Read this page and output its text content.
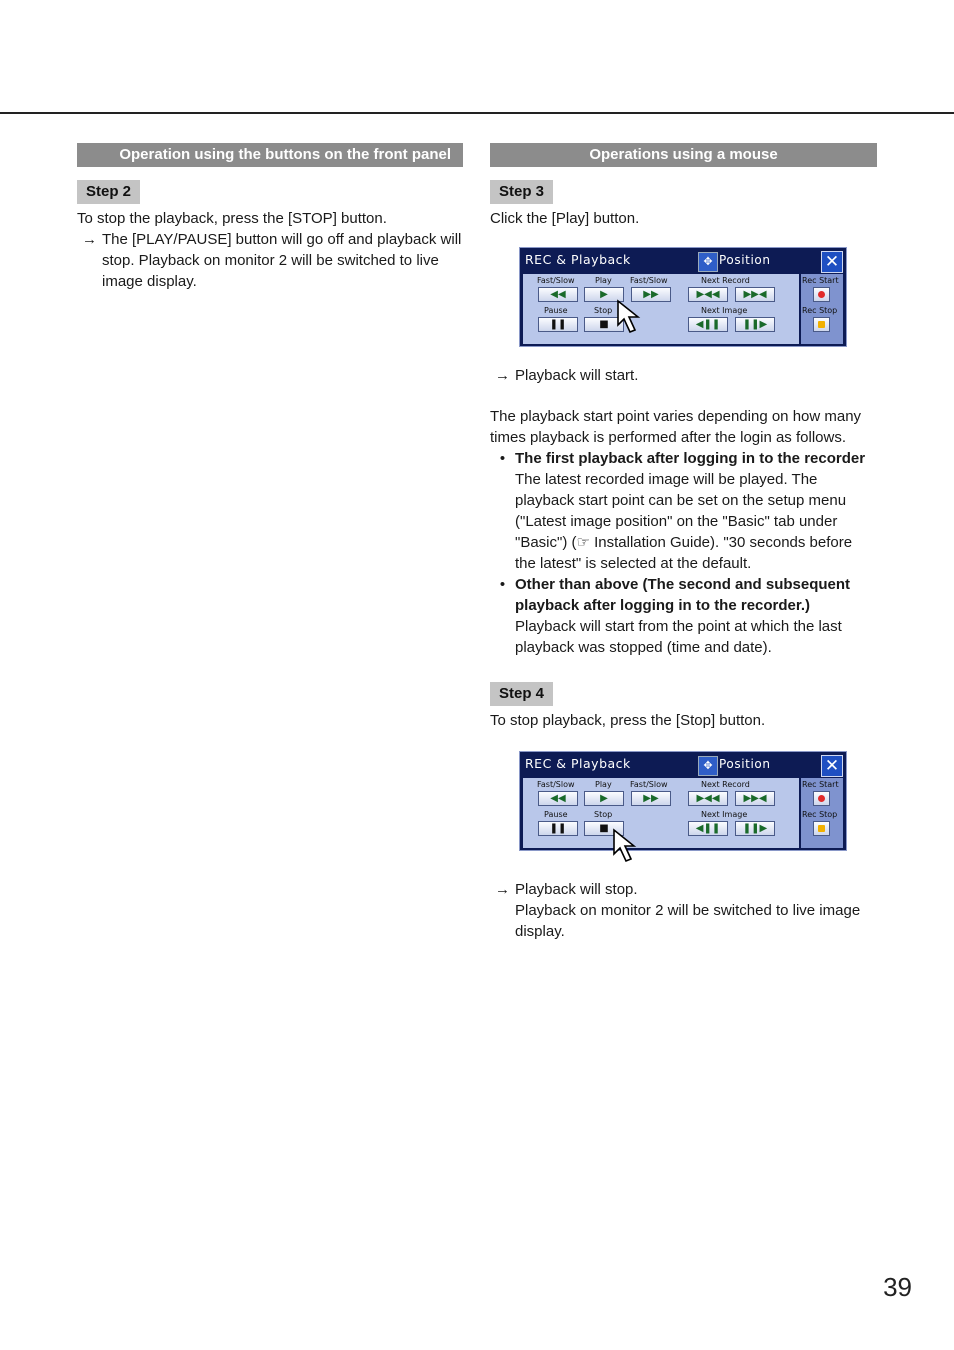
Operation using the buttons on the front panel
Step 2

To stop the playback, press the [STOP] button.

→ The [PLAY/PAUSE] button will go off and playback will stop. Playback on monitor 2 will be switched to live image display.
Operations using a mouse
Step 3

Click the [Play] button.

REC & Playback	✥ Position	✕
Fast/Slow	Play Fast/Slow	Next Record
◀◀	▶	▶▶	▶◀◀	▶▶◀
Pause	Stop	Next Image
❚❚	■	◀❚❚	❚❚▶
Rec Start
Rec Stop
→ Playback will start.

The playback start point varies depending on how many times playback is performed after the login as follows.

• The first playback after logging in to the recorder
The latest recorded image will be played. The playback start point can be set on the setup menu ("Latest image position" on the "Basic" tab under "Basic") (☞ Installation Guide). "30 seconds before the latest" is selected at the default.
• Other than above (The second and subsequent playback after logging in to the recorder.)
Playback will start from the point at which the last playback was stopped (time and date).
Step 4

To stop playback, press the [Stop] button.

REC & Playback	✥ Position	✕
Fast/Slow	Play Fast/Slow	Next Record
◀◀	▶	▶▶	▶◀◀	▶▶◀
Pause	Stop	Next Image
❚❚	■	◀❚❚	❚❚▶
Rec Start
Rec Stop
→ Playback will stop.
Playback on monitor 2 will be switched to live image display.
39
